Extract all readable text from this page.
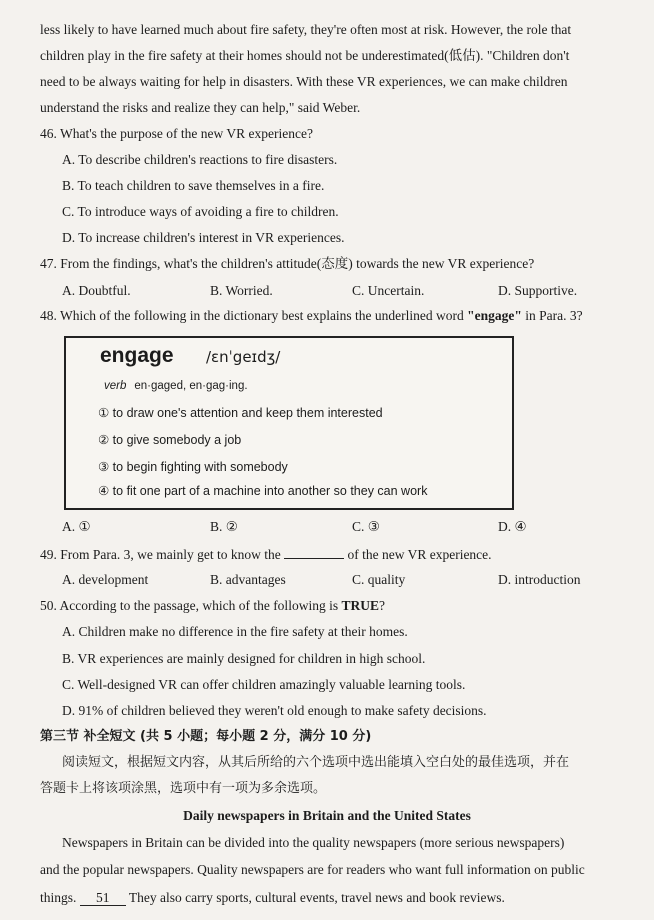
less likely to have learned much about fire safety, they're often most at risk. However, the role that
children play in the fire safety at their homes should not be underestimated(低估). "Children don't
need to be always waiting for help in disasters. With these VR experiences, we can make children
understand the risks and realize they can help," said Weber.
46. What's the purpose of the new VR experience?
A. To describe children's reactions to fire disasters.
B. To teach children to save themselves in a fire.
C. To introduce ways of avoiding a fire to children.
D. To increase children's interest in VR experiences.
47. From the findings, what's the children's attitude(态度) towards the new VR experience?
A. Doubtful.	B. Worried.	C. Uncertain.	D. Supportive.
48. Which of the following in the dictionary best explains the underlined word "engage" in Para. 3?
engage /ɛnˈgeɪdʒ/
verb en·gaged, en·gag·ing.
① to draw one's attention and keep them interested
② to give somebody a job
③ to begin fighting with somebody
④ to fit one part of a machine into another so they can work
A. ①	B. ②	C. ③	D. ④
49. From Para. 3, we mainly get to know the	of the new VR experience.
A. development	B. advantages	C. quality	D. introduction
50. According to the passage, which of the following is TRUE?
A. Children make no difference in the fire safety at their homes.
B. VR experiences are mainly designed for children in high school.
C. Well-designed VR can offer children amazingly valuable learning tools.
D. 91% of children believed they weren't old enough to make safety decisions.
第三节 补全短文 (共 5 小题；每小题 2 分，满分 10 分)
阅读短文，根据短文内容，从其后所给的六个选项中选出能填入空白处的最佳选项，并在
答题卡上将该项涂黑，选项中有一项为多余选项。
Daily newspapers in Britain and the United States
Newspapers in Britain can be divided into the quality newspapers (more serious newspapers)
and the popular newspapers. Quality newspapers are for readers who want full information on public
things. 51 They also carry sports, cultural events, travel news and book reviews.
